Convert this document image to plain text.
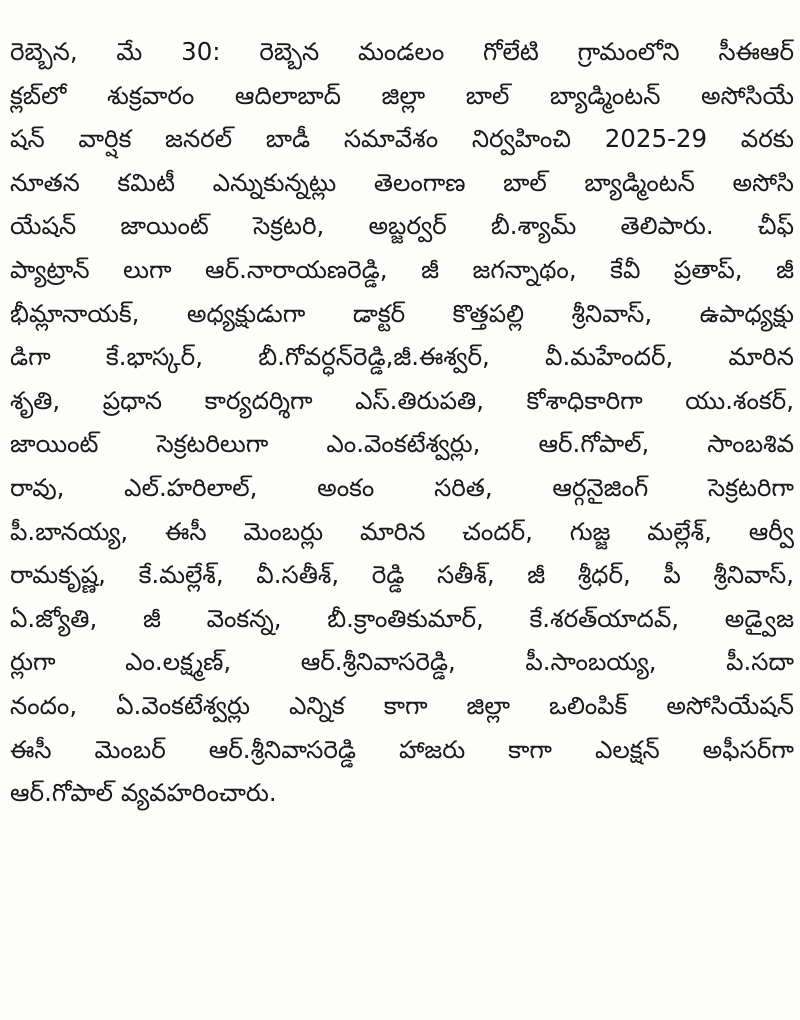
రెబ్బెన, మే 30: రెబ్బెన మండలం గోలేటి గ్రామంలోని సీఈఆర్
క్లబ్‌లో శుక్రవారం ఆదిలాబాద్ జిల్లా బాల్ బ్యాడ్మింటన్ అసోసియే
షన్ వార్షిక జనరల్ బాడీ సమావేశం నిర్వహించి 2025-29 వరకు
నూతన కమిటీ ఎన్నుకున్నట్లు తెలంగాణ బాల్ బ్యాడ్మింటన్ అసోసి
యేషన్ జాయింట్ సెక్రటరి, అబ్జర్వర్ బీ.శ్యామ్ తెలిపారు. చీఫ్
ప్యాట్రాన్ లుగా ఆర్.నారాయణరెడ్డి, జీ జగన్నాథం, కేవీ ప్రతాప్, జీ
భీమ్లానాయక్, అధ్యక్షుడుగా డాక్టర్ కొత్తపల్లి శ్రీనివాస్, ఉపాధ్యక్షు
డిగా కే.భాస్కర్, బీ.గోవర్ధన్‌రెడ్డి,జీ.ఈశ్వర్, వీ.మహేందర్, మారిన
శృతి, ప్రధాన కార్యదర్శిగా ఎస్.తిరుపతి, కోశాధికారిగా యు.శంకర్,
జాయింట్ సెక్రటరిలుగా ఎం.వెంకటేశ్వర్లు, ఆర్.గోపాల్, సాంబశివ
రావు, ఎల్.హరిలాల్, అంకం సరిత, ఆర్గనైజింగ్ సెక్రటరిగా
పీ.బానయ్య, ఈసీ మెంబర్లు మారిన చందర్, గుజ్జ మల్లేశ్, ఆర్వీ
రామకృష్ణ, కే.మల్లేశ్, వీ.సతీశ్, రెడ్డి సతీశ్, జీ శ్రీధర్, పీ శ్రీనివాస్,
ఏ.జ్యోతి, జీ వెంకన్న, బీ.క్రాంతికుమార్, కే.శరత్‌యాదవ్, అడ్వైజ
ర్లుగా ఎం.లక్ష్మణ్, ఆర్.శ్రీనివాసరెడ్డి, పీ.సాంబయ్య, పీ.సదా
నందం, ఏ.వెంకటేశ్వర్లు ఎన్నిక కాగా జిల్లా ఒలింపిక్ అసోసియేషన్
ఈసీ మెంబర్ ఆర్.శ్రీనివాసరెడ్డి హాజరు కాగా ఎలక్షన్ అఫీసర్‌గా
ఆర్.గోపాల్ వ్యవహరించారు.
